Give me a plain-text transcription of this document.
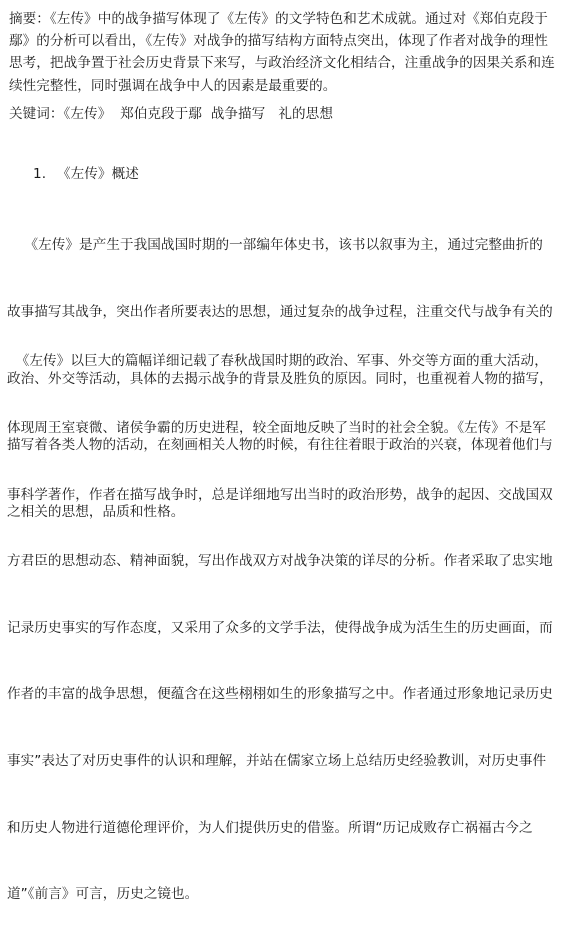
摘要：《左传》中的战争描写体现了《左传》的文学特色和艺术成就。通过对《郑伯克段于
鄢》的分析可以看出，《左传》对战争的描写结构方面特点突出，体现了作者对战争的理性
思考，把战争置于社会历史背景下来写，与政治经济文化相结合，注重战争的因果关系和连
续性完整性，同时强调在战争中人的因素是最重要的。
关键词：《左传》  郑伯克段于鄢  战争描写   礼的思想
1. 《左传》概述

《左传》是产生于我国战国时期的一部编年体史书，该书以叙事为主，通过完整曲折的

故事描写其战争，突出作者所要表达的思想，通过复杂的战争过程，注重交代与战争有关的

政治、外交等活动，具体的去揭示战争的背景及胜负的原因。同时，也重视着人物的描写，

描写着各类人物的活动，在刻画相关人物的时候，有往往着眼于政治的兴衰，体现着他们与

之相关的思想，品质和性格。

《左传》以巨大的篇幅详细记载了春秋战国时期的政治、军事、外交等方面的重大活动，

体现周王室衰微、诸侯争霸的历史进程，较全面地反映了当时的社会全貌。《左传》不是军

事科学著作，作者在描写战争时，总是详细地写出当时的政治形势，战争的起因、交战国双

方君臣的思想动态、精神面貌，写出作战双方对战争决策的详尽的分析。作者采取了忠实地

记录历史事实的写作态度，又采用了众多的文学手法，使得战争成为活生生的历史画面，而

作者的丰富的战争思想，便蕴含在这些栩栩如生的形象描写之中。作者通过形象地记录历史

事实”表达了对历史事件的认识和理解，并站在儒家立场上总结历史经验教训，对历史事件

和历史人物进行道德伦理评价，为人们提供历史的借鉴。所谓“历记成败存亡祸福古今之

道”《前言》可言，历史之镜也。
